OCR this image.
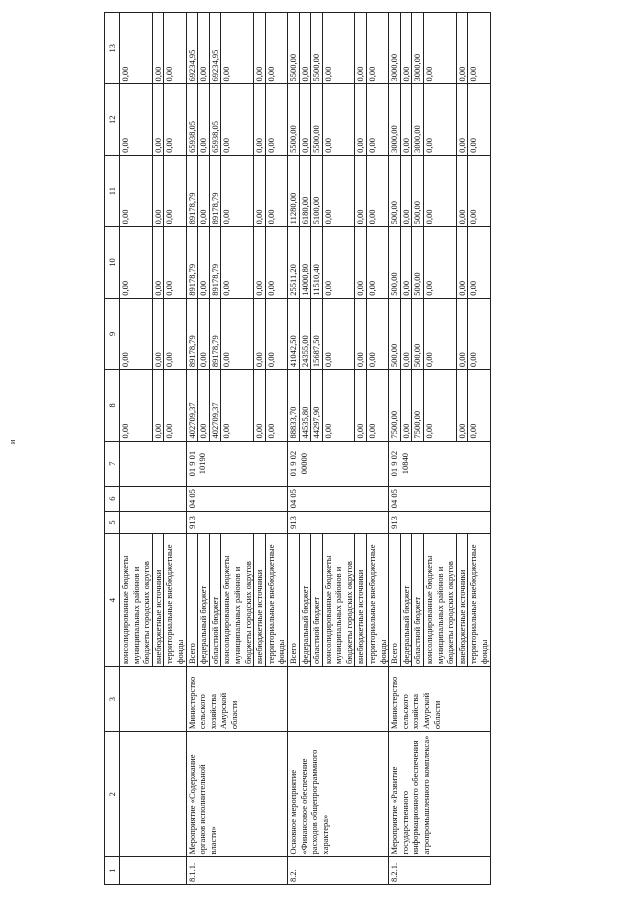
и
1	2	3	4	5	6	7	8	9	10	11	12	13
			консолидированные бюджеты муниципальных районов и бюджеты городских округов				0,00	0,00	0,00	0,00	0,00	0,00
			внебюджетные источники				0,00	0,00	0,00	0,00	0,00	0,00
			территориальные внебюджетные фонды				0,00	0,00	0,00	0,00	0,00	0,00
8.1.1.	Мероприятие «Содержание органов исполнительной власти»	Министерство сельского хозяйства Амурской области	Всего	913	04 05	01 9 01 10190	402709,37	89178,79	89178,79	89178,79	65938,05	69234,95
			федеральный бюджет				0,00	0,00	0,00	0,00	0,00	0,00
			областной бюджет				402709,37	89178,79	89178,79	89178,79	65938,05	69234,95
			консолидированные бюджеты муниципальных районов и бюджеты городских округов				0,00	0,00	0,00	0,00	0,00	0,00
			внебюджетные источники				0,00	0,00	0,00	0,00	0,00	0,00
			территориальные внебюджетные фонды				0,00	0,00	0,00	0,00	0,00	0,00
8.2.	Основное мероприятие «Финансовое обеспечение расходов общепрограммного характера»		Всего	913	04 05	01 9 02 00000	88833,70	41042,50	25511,20	11280,00	5500,00	5500,00
			федеральный бюджет				44535,80	24355,00	14000,80	6180,00	0,00	0,00
			областной бюджет				44297,90	15687,50	11510,40	5100,00	5500,00	5500,00
			консолидированные бюджеты муниципальных районов и бюджеты городских округов				0,00	0,00	0,00	0,00	0,00	0,00
			внебюджетные источники				0,00	0,00	0,00	0,00	0,00	0,00
			территориальные внебюджетные фонды				0,00	0,00	0,00	0,00	0,00	0,00
8.2.1.	Мероприятие «Развитие государственного информационного обеспечения агропромышленного комплекса»	Министерство сельского хозяйства Амурской области	Всего	913	04 05	01 9 02 10840	7500,00	500,00	500,00	500,00	3000,00	3000,00
			федеральный бюджет				0,00	0,00	0,00	0,00	0,00	0,00
			областной бюджет				7500,00	500,00	500,00	500,00	3000,00	3000,00
			консолидированные бюджеты муниципальных районов и бюджеты городских округов				0,00	0,00	0,00	0,00	0,00	0,00
			внебюджетные источники				0,00	0,00	0,00	0,00	0,00	0,00
			территориальные внебюджетные фонды				0,00	0,00	0,00	0,00	0,00	0,00
